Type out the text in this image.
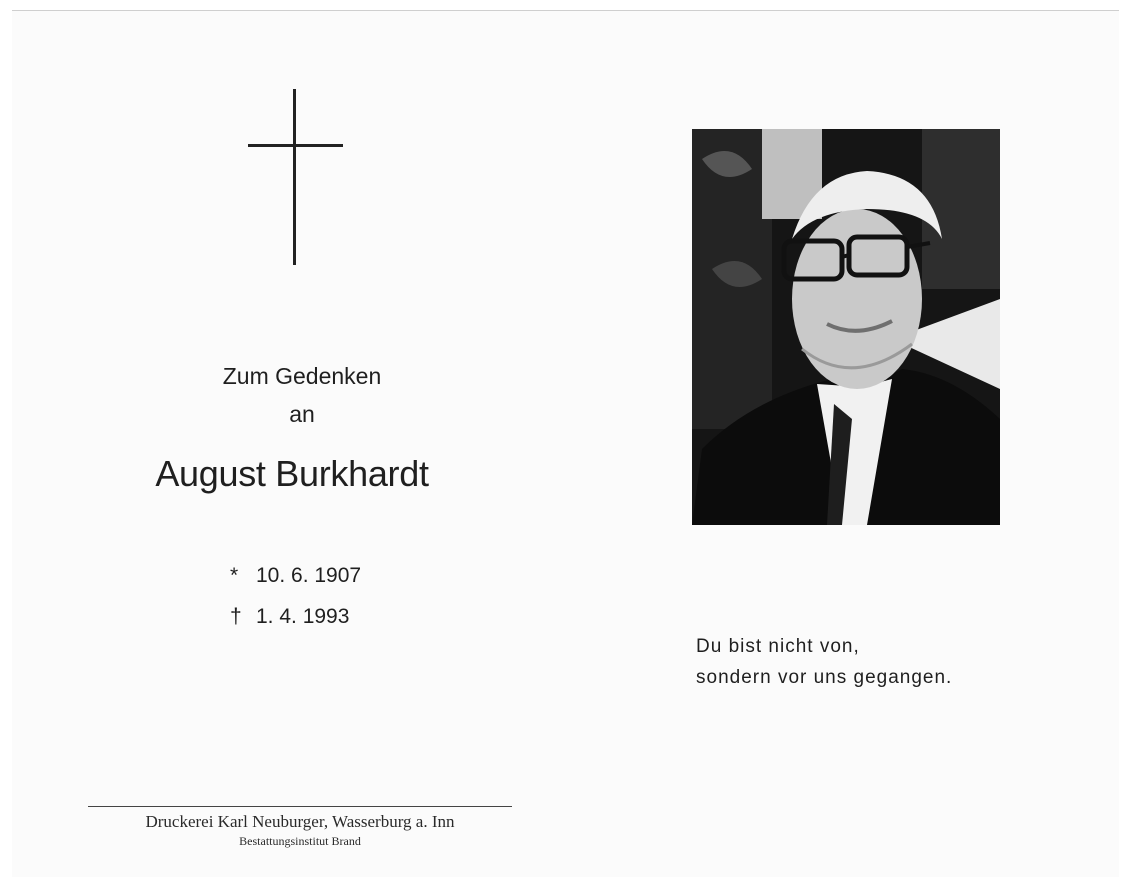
Zum Gedenken
an
August Burkhardt
* 10. 6. 1907
† 1. 4. 1993
Du bist nicht von,
sondern vor uns gegangen.
Druckerei Karl Neuburger, Wasserburg a. Inn
Bestattungsinstitut Brand
